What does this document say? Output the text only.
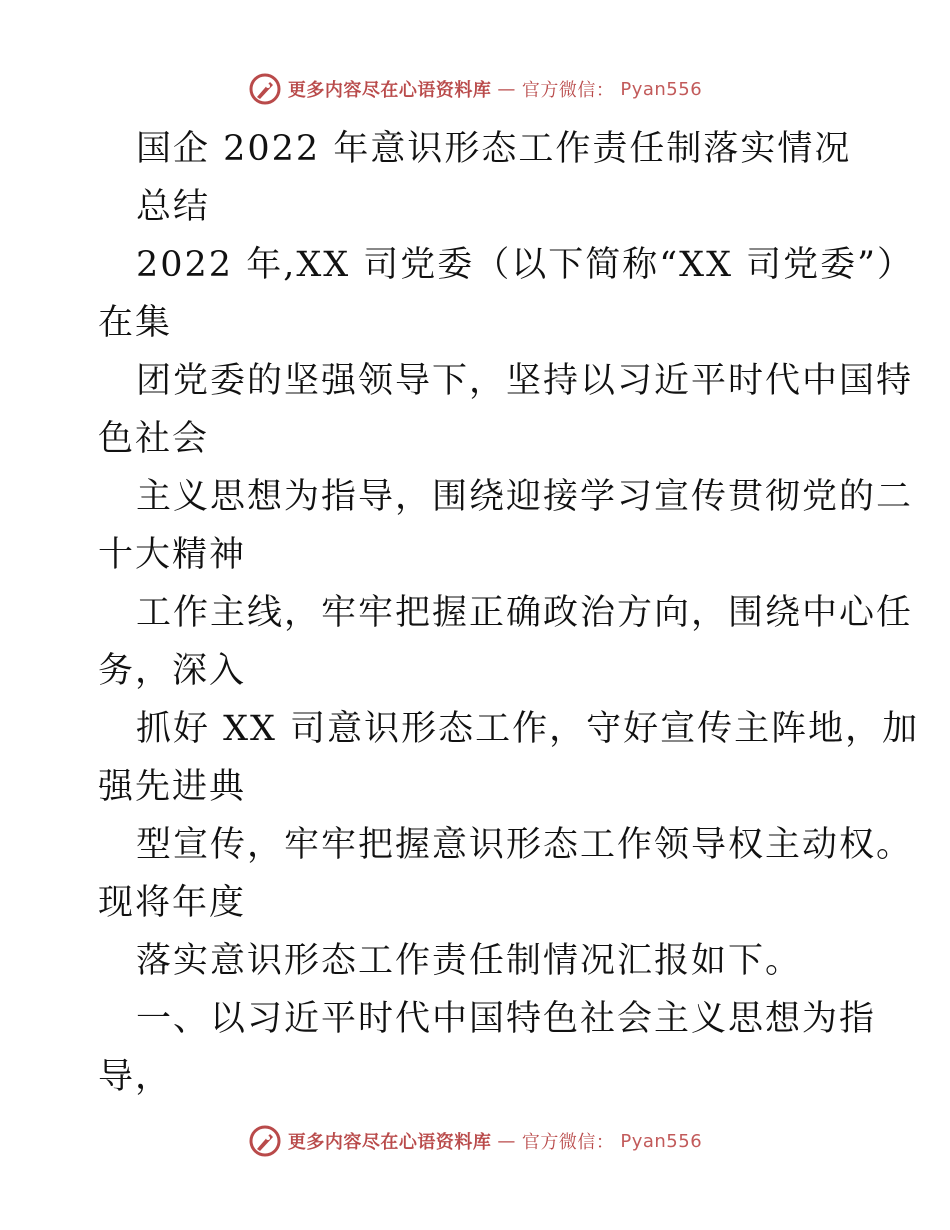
更多内容尽在心语资料库 — 官方微信： Pyan556
国企 2022 年意识形态工作责任制落实情况
总结
2022 年,XX 司党委（以下简称“XX 司党委”）
在集
团党委的坚强领导下，坚持以习近平时代中国特
色社会
主义思想为指导，围绕迎接学习宣传贯彻党的二
十大精神
工作主线，牢牢把握正确政治方向，围绕中心任
务，深入
抓好 XX 司意识形态工作，守好宣传主阵地，加
强先进典
型宣传，牢牢把握意识形态工作领导权主动权。
现将年度
落实意识形态工作责任制情况汇报如下。
一、以习近平时代中国特色社会主义思想为指
导，
更多内容尽在心语资料库 — 官方微信： Pyan556
